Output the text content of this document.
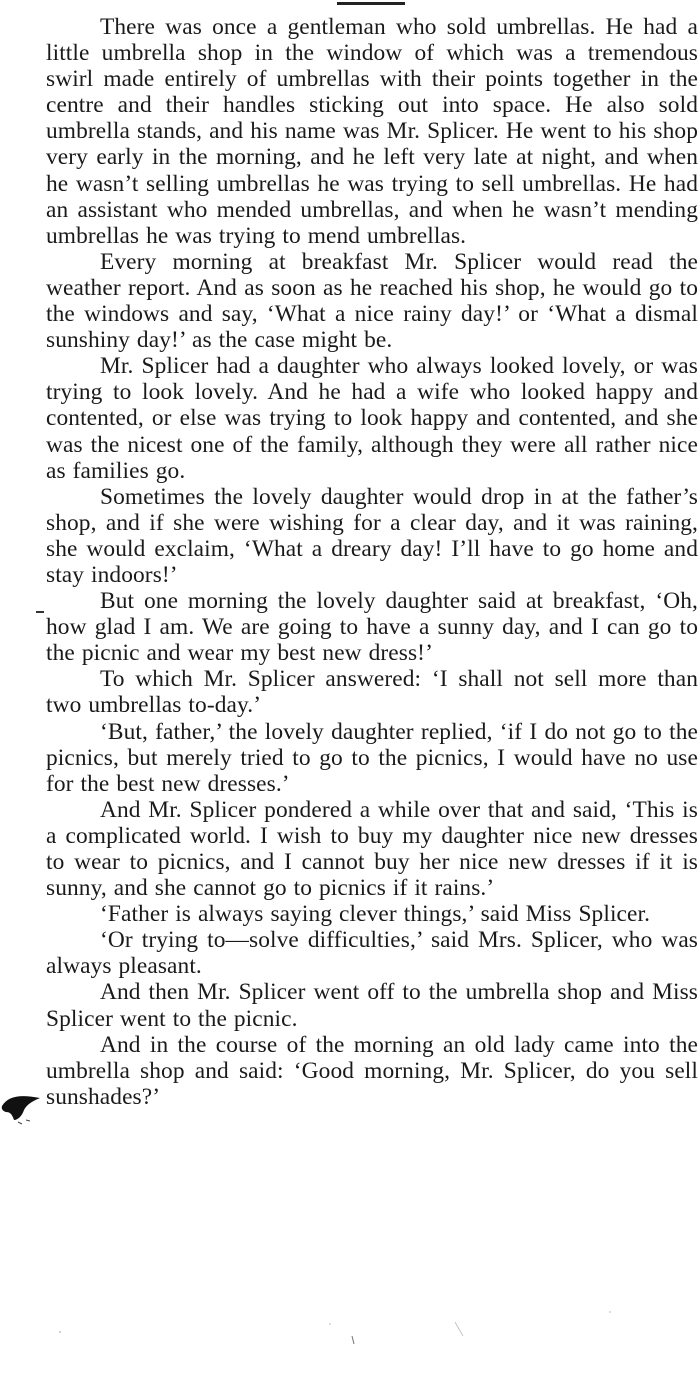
There was once a gentleman who sold umbrellas. He had a little umbrella shop in the window of which was a tremendous swirl made entirely of umbrellas with their points together in the centre and their handles sticking out into space. He also sold umbrella stands, and his name was Mr. Splicer. He went to his shop very early in the morning, and he left very late at night, and when he wasn’t selling umbrellas he was trying to sell umbrellas. He had an assistant who mended umbrellas, and when he wasn’t mending umbrellas he was trying to mend umbrellas.

Every morning at breakfast Mr. Splicer would read the weather report. And as soon as he reached his shop, he would go to the windows and say, ‘What a nice rainy day!’ or ‘What a dismal sunshiny day!’ as the case might be.

Mr. Splicer had a daughter who always looked lovely, or was trying to look lovely. And he had a wife who looked happy and contented, or else was trying to look happy and contented, and she was the nicest one of the family, although they were all rather nice as families go.

Sometimes the lovely daughter would drop in at the father’s shop, and if she were wishing for a clear day, and it was raining, she would exclaim, ‘What a dreary day! I’ll have to go home and stay indoors!’

But one morning the lovely daughter said at breakfast, ‘Oh, how glad I am. We are going to have a sunny day, and I can go to the picnic and wear my best new dress!’

To which Mr. Splicer answered: ‘I shall not sell more than two umbrellas to-day.’

‘But, father,’ the lovely daughter replied, ‘if I do not go to the picnics, but merely tried to go to the picnics, I would have no use for the best new dresses.’

And Mr. Splicer pondered a while over that and said, ‘This is a complicated world. I wish to buy my daughter nice new dresses to wear to picnics, and I cannot buy her nice new dresses if it is sunny, and she cannot go to picnics if it rains.’

‘Father is always saying clever things,’ said Miss Splicer.

‘Or trying to—solve difficulties,’ said Mrs. Splicer, who was always pleasant.

And then Mr. Splicer went off to the umbrella shop and Miss Splicer went to the picnic.

And in the course of the morning an old lady came into the umbrella shop and said: ‘Good morning, Mr. Splicer, do you sell sunshades?’
